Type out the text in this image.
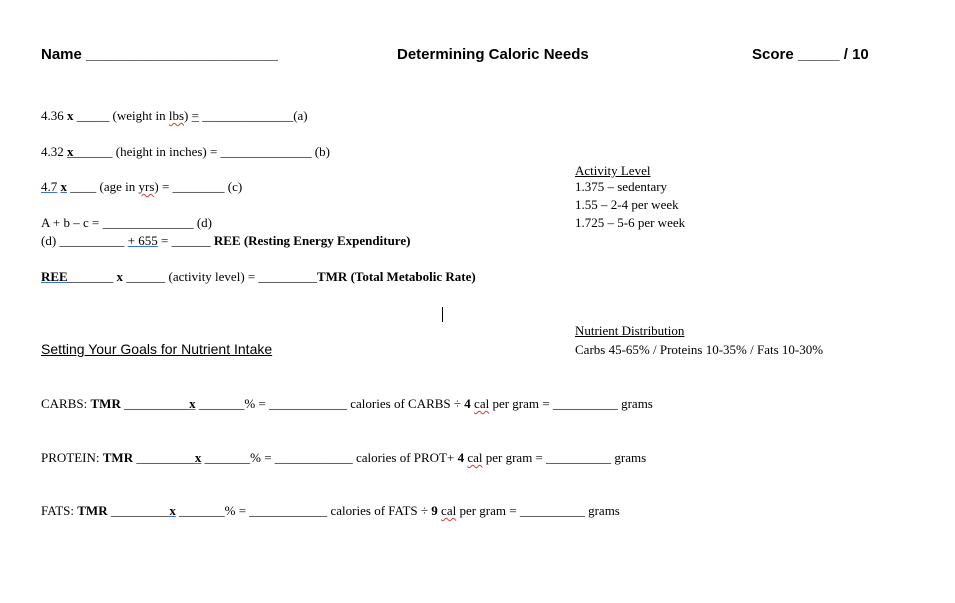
Name _______________________	Determining Caloric Needs	Score _____ / 10
4.36 x _____ (weight in lbs) = ______________(a)
4.32 x______ (height in inches) = ______________ (b)
4.7 x ____ (age in yrs) = ________ (c)
A + b – c = ______________ (d)
(d) __________ + 655 = ______ REE (Resting Energy Expenditure)
REE_______ x ______ (activity level) = _________TMR (Total Metabolic Rate)
Activity Level
1.375 – sedentary
1.55 – 2-4 per week
1.725 – 5-6 per week
Nutrient Distribution
Carbs 45-65% / Proteins 10-35% / Fats 10-30%
Setting Your Goals for Nutrient Intake
CARBS: TMR __________x _______% = ____________ calories of CARBS ÷ 4 cal per gram = __________ grams
PROTEIN: TMR _________x _______% = ____________ calories of PROT+ 4 cal per gram = __________ grams
FATS: TMR _________x _______% = ____________ calories of FATS ÷ 9 cal per gram = __________ grams
